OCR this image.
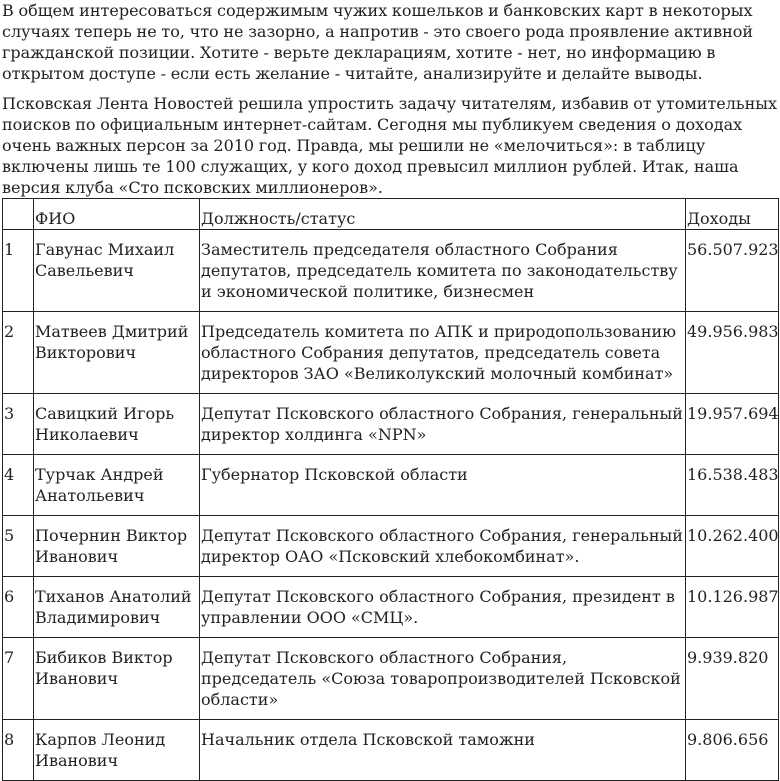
В общем интересоваться содержимым чужих кошельков и банковских карт в некоторых случаях теперь не то, что не зазорно, а напротив - это своего рода проявление активной гражданской позиции. Хотите - верьте декларациям, хотите - нет, но информацию в открытом доступе - если есть желание - читайте, анализируйте и делайте выводы.

Псковская Лента Новостей решила упростить задачу читателям, избавив от утомительных поисков по официальным интернет-сайтам. Сегодня мы публикуем сведения о доходах очень важных персон за 2010 год. Правда, мы решили не «мелочиться»: в таблицу включены лишь те 100 служащих, у кого доход превысил миллион рублей. Итак, наша версия клуба «Сто псковских миллионеров».

	ФИО	Должность/статус	Доходы
1	Гавунас Михаил Савельевич	Заместитель председателя областного Собрания депутатов, председатель комитета по законодательству и экономической политике, бизнесмен	56.507.923
2	Матвеев Дмитрий Викторович	Председатель комитета по АПК и природопользованию областного Собрания депутатов, председатель совета директоров ЗАО «Великолукский молочный комбинат»	49.956.983
3	Савицкий Игорь Николаевич	Депутат Псковского областного Собрания, генеральный директор холдинга «NPN»	19.957.694
4	Турчак Андрей Анатольевич	Губернатор Псковской области	16.538.483
5	Почернин Виктор Иванович	Депутат Псковского областного Собрания, генеральный директор ОАО «Псковский хлебокомбинат».	10.262.400
6	Тиханов Анатолий Владимирович	Депутат Псковского областного Собрания, президент в управлении ООО «СМЦ».	10.126.987
7	Бибиков Виктор Иванович	Депутат Псковского областного Собрания, председатель «Союза товаропроизводителей Псковской области»	9.939.820
8	Карпов Леонид Иванович	Начальник отдела Псковской таможни	9.806.656
